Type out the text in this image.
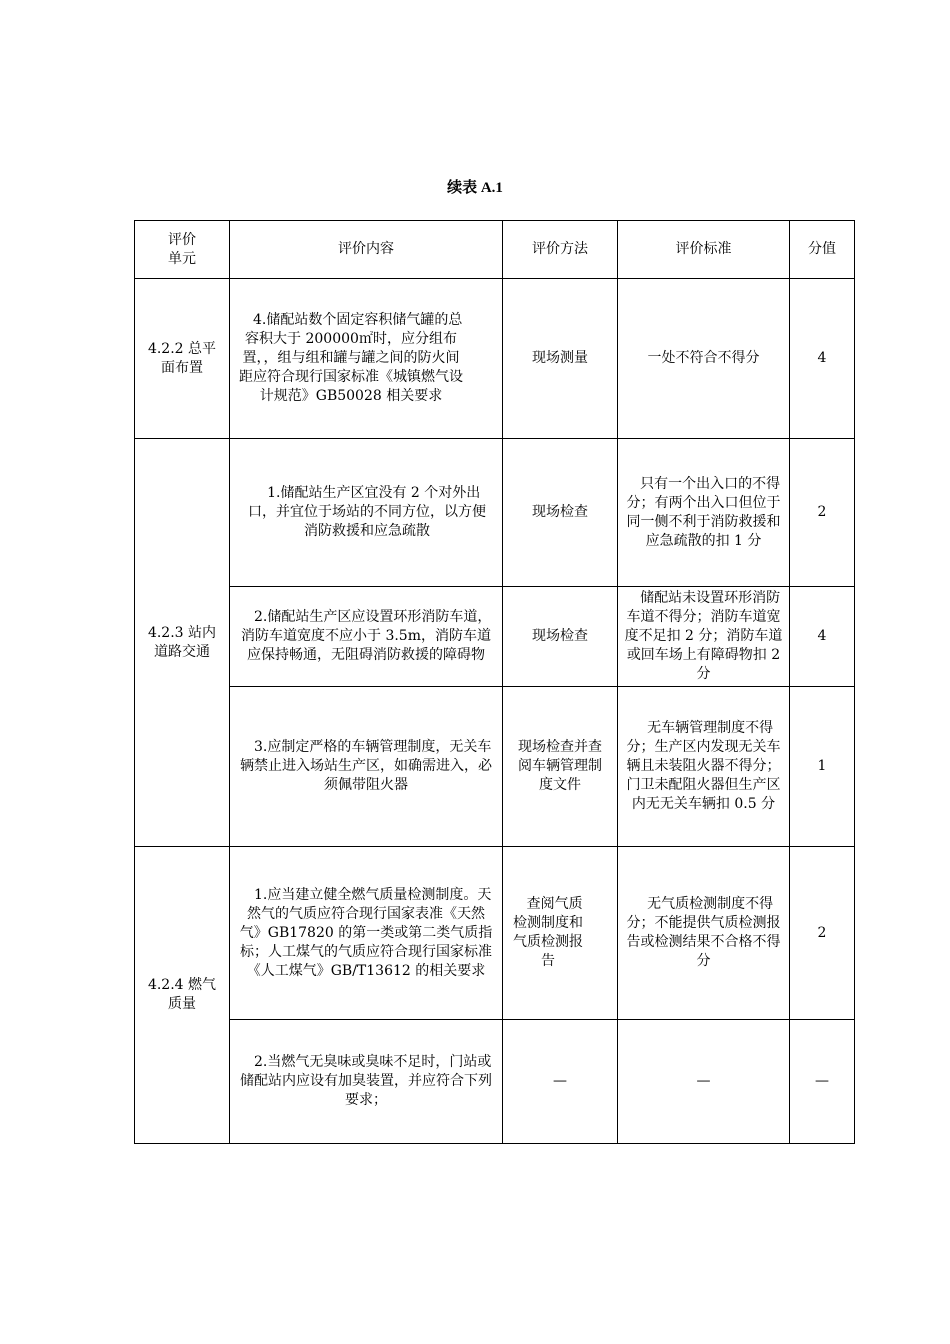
续表 A.1
评价
单元	评价内容	评价方法	评价标准	分值
4.2.2 总平面布置	4.储配站数个固定容积储气罐的总容积大于 200000㎡时，应分组布置，，组与组和罐与罐之间的防火间距应符合现行国家标准《城镇燃气设计规范》GB50028 相关要求	现场测量	一处不符合不得分	4
4.2.3 站内道路交通	1.储配站生产区宜没有 2 个对外出口，并宜位于场站的不同方位，以方便消防救援和应急疏散	现场检查	只有一个出入口的不得分；有两个出入口但位于同一侧不利于消防救援和应急疏散的扣 1 分	2
	2.储配站生产区应设置环形消防车道，消防车道宽度不应小于 3.5m，消防车道应保持畅通，无阻碍消防救援的障碍物	现场检查	储配站未设置环形消防车道不得分；消防车道宽度不足扣 2 分；消防车道或回车场上有障碍物扣 2 分	4
	3.应制定严格的车辆管理制度，无关车辆禁止进入场站生产区，如确需进入，必须佩带阻火器	现场检查并查阅车辆管理制度文件	无车辆管理制度不得分；生产区内发现无关车辆且未装阻火器不得分；门卫未配阻火器但生产区内无无关车辆扣 0.5 分	1
4.2.4 燃气质量	1.应当建立健全燃气质量检测制度。天然气的气质应符合现行国家表准《天然气》GB17820 的第一类或第二类气质指标；人工煤气的气质应符合现行国家标准《人工煤气》GB/T13612 的相关要求	查阅气质检测制度和气质检测报告	无气质检测制度不得分；不能提供气质检测报告或检测结果不合格不得分	2
	2.当燃气无臭味或臭味不足时，门站或储配站内应设有加臭装置，并应符合下列要求；	—	—	—
